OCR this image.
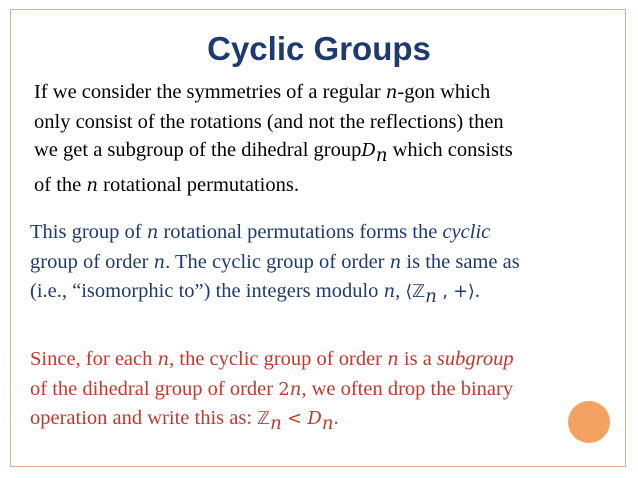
Cyclic Groups

If we consider the symmetries of a regular n-gon which
only consist of the rotations (and not the reflections) then
we get a subgroup of the dihedral groupD$_n$ which consists
of the n rotational permutations.

This group of n rotational permutations forms the cyclic
group of order n. The cyclic group of order n is the same as
(i.e., “isomorphic to”) the integers modulo n, ⟨ℤ$_n$ , +⟩.

Since, for each n, the cyclic group of order n is a subgroup
of the dihedral group of order 2n, we often drop the binary
operation and write this as: ℤ$_n$ < $D_n$.
